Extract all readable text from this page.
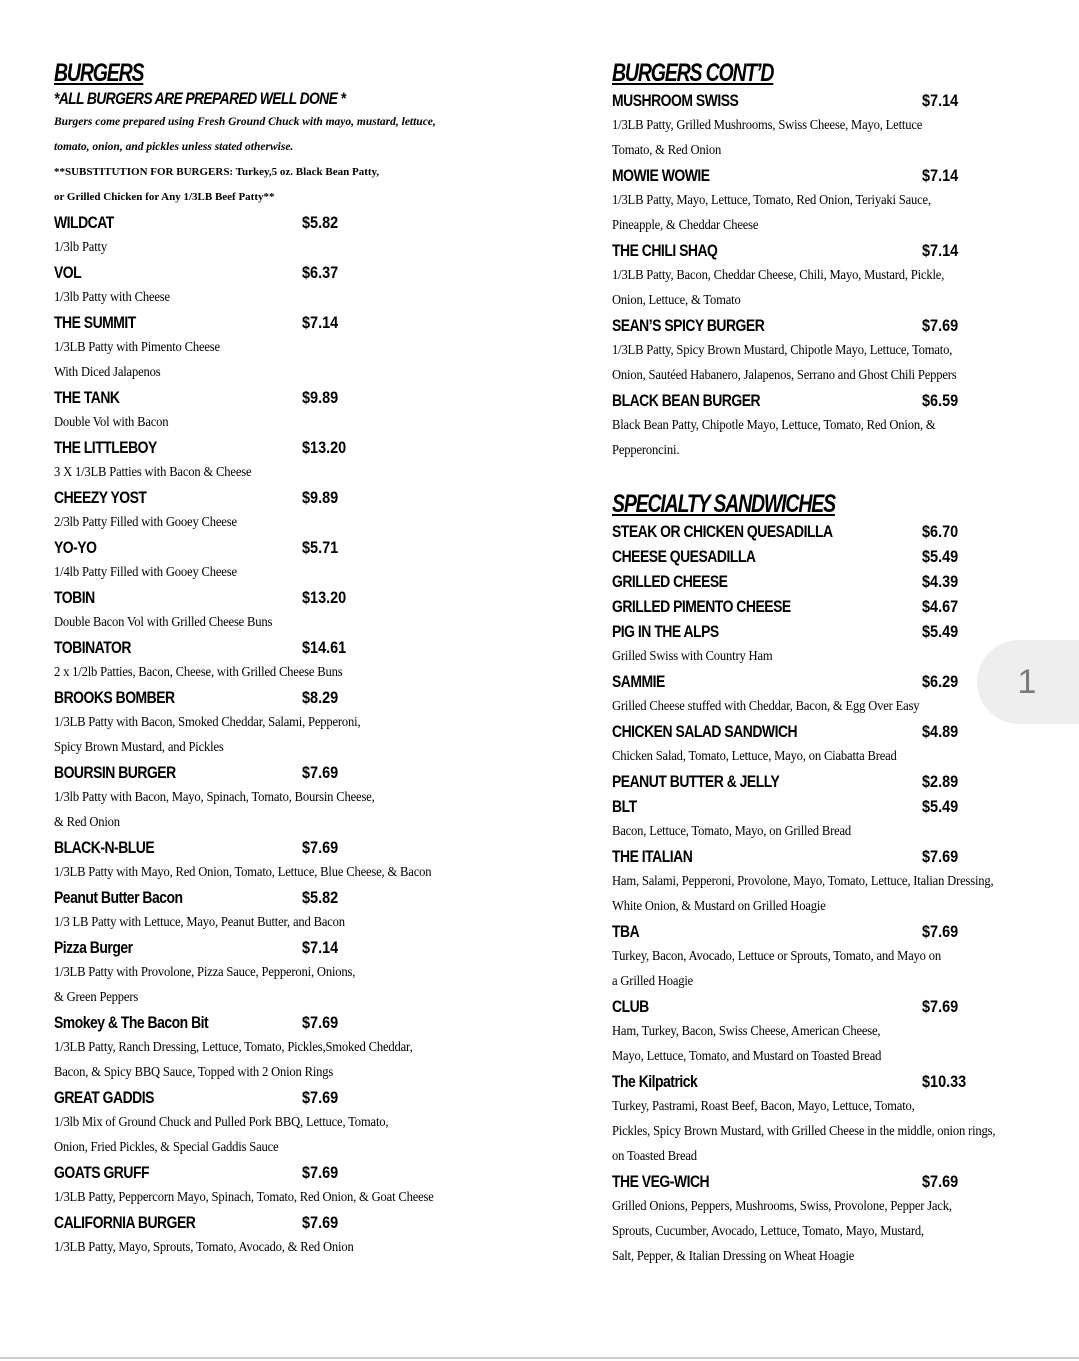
BURGERS
*ALL BURGERS ARE PREPARED WELL DONE *
Burgers come prepared using Fresh Ground Chuck with mayo, mustard, lettuce,
tomato, onion, and pickles unless stated otherwise.
**SUBSTITUTION FOR BURGERS: Turkey,5 oz. Black Bean Patty,
or Grilled Chicken for Any 1/3LB Beef Patty**
WILDCAT	$5.82
1/3lb Patty
VOL	$6.37
1/3lb Patty with Cheese
THE SUMMIT	$7.14
1/3LB Patty with Pimento Cheese
With Diced Jalapenos
THE TANK	$9.89
Double Vol with Bacon
THE LITTLEBOY	$13.20
3 X 1/3LB Patties with Bacon & Cheese
CHEEZY YOST	$9.89
2/3lb Patty Filled with Gooey Cheese
YO-YO	$5.71
1/4lb Patty Filled with Gooey Cheese
TOBIN	$13.20
Double Bacon Vol with Grilled Cheese Buns
TOBINATOR	$14.61
2 x 1/2lb Patties, Bacon, Cheese, with Grilled Cheese Buns
BROOKS BOMBER	$8.29
1/3LB Patty with Bacon, Smoked Cheddar, Salami, Pepperoni,
Spicy Brown Mustard, and Pickles
BOURSIN BURGER	$7.69
1/3lb Patty with Bacon, Mayo, Spinach, Tomato, Boursin Cheese,
& Red Onion
BLACK-N-BLUE	$7.69
1/3LB Patty with Mayo, Red Onion, Tomato, Lettuce, Blue Cheese, & Bacon
Peanut Butter Bacon	$5.82
1/3 LB Patty with Lettuce, Mayo, Peanut Butter, and Bacon
Pizza Burger	$7.14
1/3LB Patty with Provolone, Pizza Sauce, Pepperoni, Onions,
& Green Peppers
Smokey & The Bacon Bit	$7.69
1/3LB Patty, Ranch Dressing, Lettuce, Tomato, Pickles,Smoked Cheddar,
Bacon, & Spicy BBQ Sauce, Topped with 2 Onion Rings
GREAT GADDIS	$7.69
1/3lb Mix of Ground Chuck and Pulled Pork BBQ, Lettuce, Tomato,
Onion, Fried Pickles, & Special Gaddis Sauce
GOATS GRUFF	$7.69
1/3LB Patty, Peppercorn Mayo, Spinach, Tomato, Red Onion, & Goat Cheese
CALIFORNIA BURGER	$7.69
1/3LB Patty, Mayo, Sprouts, Tomato, Avocado, & Red Onion
BURGERS CONT’D
MUSHROOM SWISS	$7.14
1/3LB Patty, Grilled Mushrooms, Swiss Cheese, Mayo, Lettuce
Tomato, & Red Onion
MOWIE WOWIE	$7.14
1/3LB Patty, Mayo, Lettuce, Tomato, Red Onion, Teriyaki Sauce,
Pineapple, & Cheddar Cheese
THE CHILI SHAQ	$7.14
1/3LB Patty, Bacon, Cheddar Cheese, Chili, Mayo, Mustard, Pickle,
Onion, Lettuce, & Tomato
SEAN’S SPICY BURGER	$7.69
1/3LB Patty, Spicy Brown Mustard, Chipotle Mayo, Lettuce, Tomato,
Onion, Sautéed Habanero, Jalapenos, Serrano and Ghost Chili Peppers
BLACK BEAN BURGER	$6.59
Black Bean Patty, Chipotle Mayo, Lettuce, Tomato, Red Onion, &
Pepperoncini.
SPECIALTY SANDWICHES
STEAK OR CHICKEN QUESADILLA	$6.70
CHEESE QUESADILLA	$5.49
GRILLED CHEESE	$4.39
GRILLED PIMENTO CHEESE	$4.67
PIG IN THE ALPS	$5.49
Grilled Swiss with Country Ham
SAMMIE	$6.29
Grilled Cheese stuffed with Cheddar, Bacon, & Egg Over Easy
CHICKEN SALAD SANDWICH	$4.89
Chicken Salad, Tomato, Lettuce, Mayo, on Ciabatta Bread
PEANUT BUTTER & JELLY	$2.89
BLT	$5.49
Bacon, Lettuce, Tomato, Mayo, on Grilled Bread
THE ITALIAN	$7.69
Ham, Salami, Pepperoni, Provolone, Mayo, Tomato, Lettuce, Italian Dressing,
White Onion, & Mustard on Grilled Hoagie
TBA	$7.69
Turkey, Bacon, Avocado, Lettuce or Sprouts, Tomato, and Mayo on
a Grilled Hoagie
CLUB	$7.69
Ham, Turkey, Bacon, Swiss Cheese, American Cheese,
Mayo, Lettuce, Tomato, and Mustard on Toasted Bread
The Kilpatrick	$10.33
Turkey, Pastrami, Roast Beef, Bacon, Mayo, Lettuce, Tomato,
Pickles, Spicy Brown Mustard, with Grilled Cheese in the middle, onion rings,
on Toasted Bread
THE VEG-WICH	$7.69
Grilled Onions, Peppers, Mushrooms, Swiss, Provolone, Pepper Jack,
Sprouts, Cucumber, Avocado, Lettuce, Tomato, Mayo, Mustard,
Salt, Pepper, & Italian Dressing on Wheat Hoagie
1
